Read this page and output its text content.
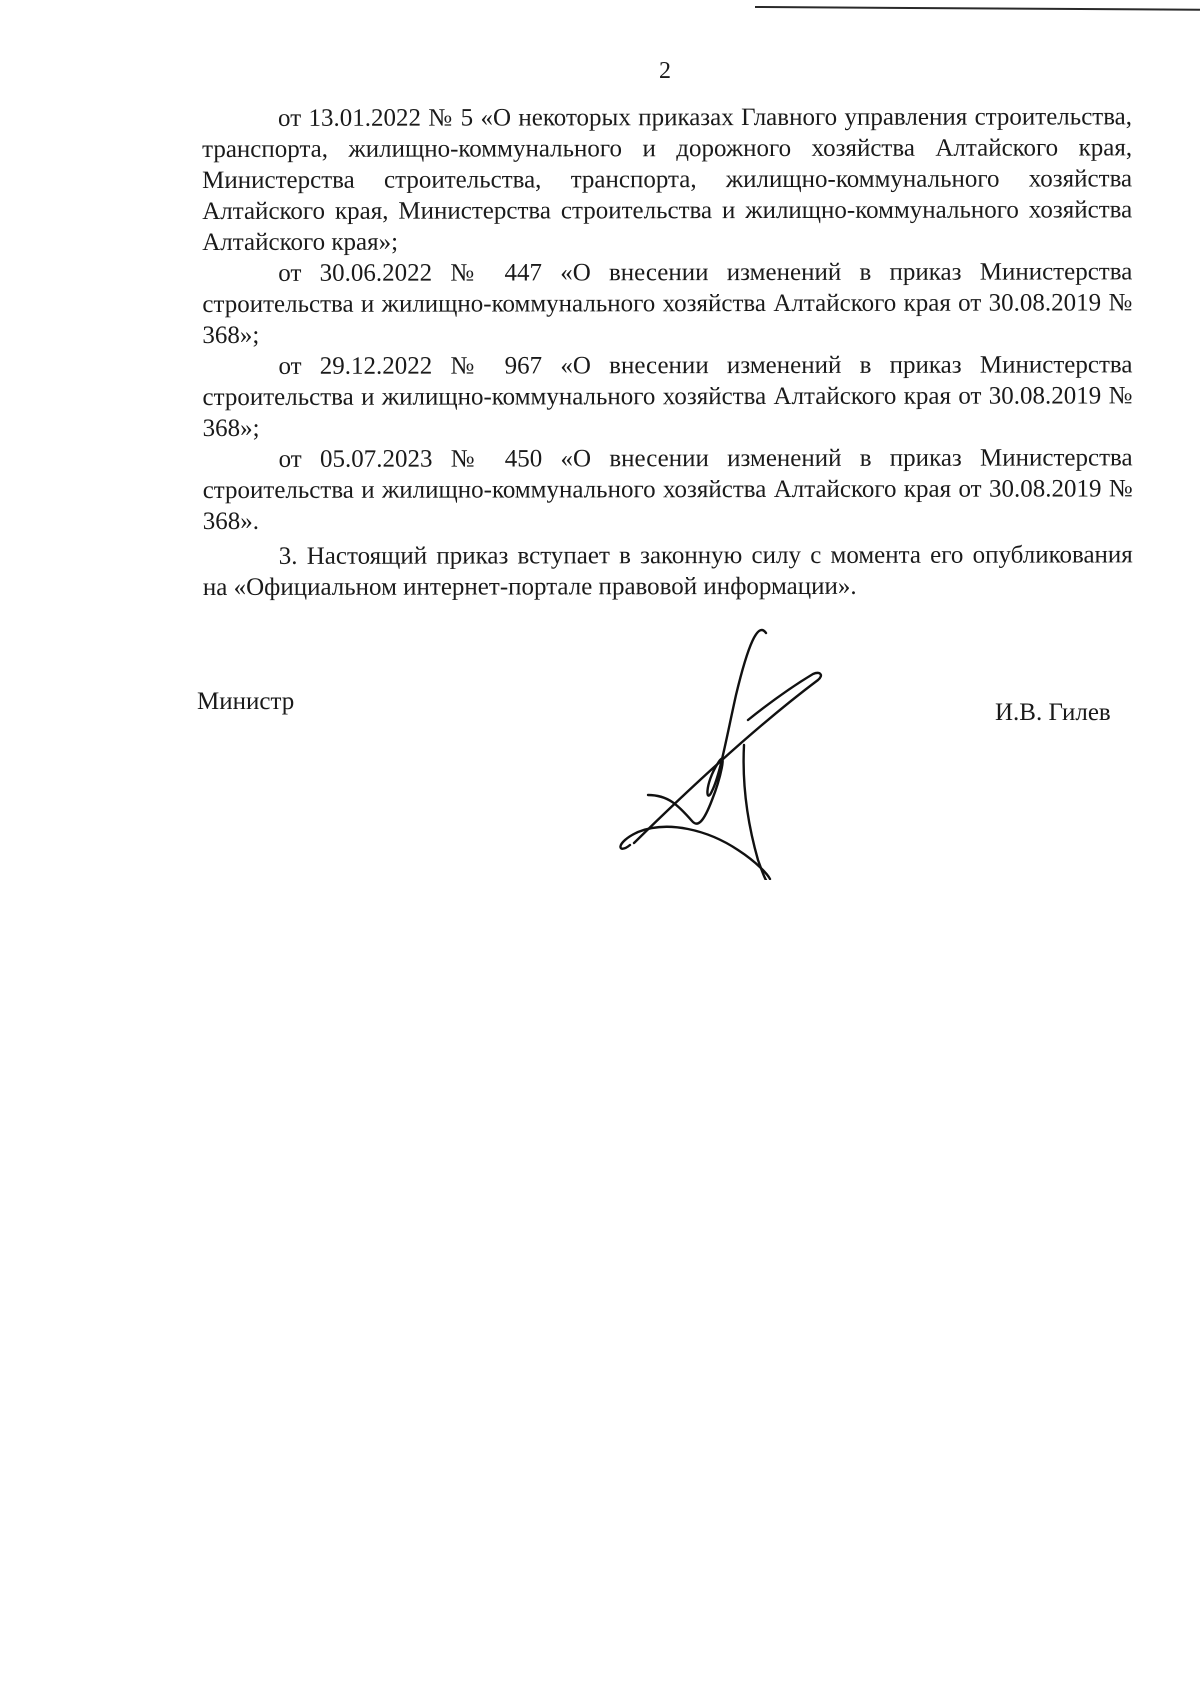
2

от 13.01.2022 № 5 «О некоторых приказах Главного управления строительства, транспорта, жилищно-коммунального и дорожного хозяйства Алтайского края, Министерства строительства, транспорта, жилищно-коммунального хозяйства Алтайского края, Министерства строительства и жилищно-коммунального хозяйства Алтайского края»;

от 30.06.2022 № 447 «О внесении изменений в приказ Министерства строительства и жилищно-коммунального хозяйства Алтайского края от 30.08.2019 № 368»;

от 29.12.2022 № 967 «О внесении изменений в приказ Министерства строительства и жилищно-коммунального хозяйства Алтайского края от 30.08.2019 № 368»;

от 05.07.2023 № 450 «О внесении изменений в приказ Министерства строительства и жилищно-коммунального хозяйства Алтайского края от 30.08.2019 № 368».

3. Настоящий приказ вступает в законную силу с момента его опубликования на «Официальном интернет-портале правовой информации».

Министр	И.В. Гилев
